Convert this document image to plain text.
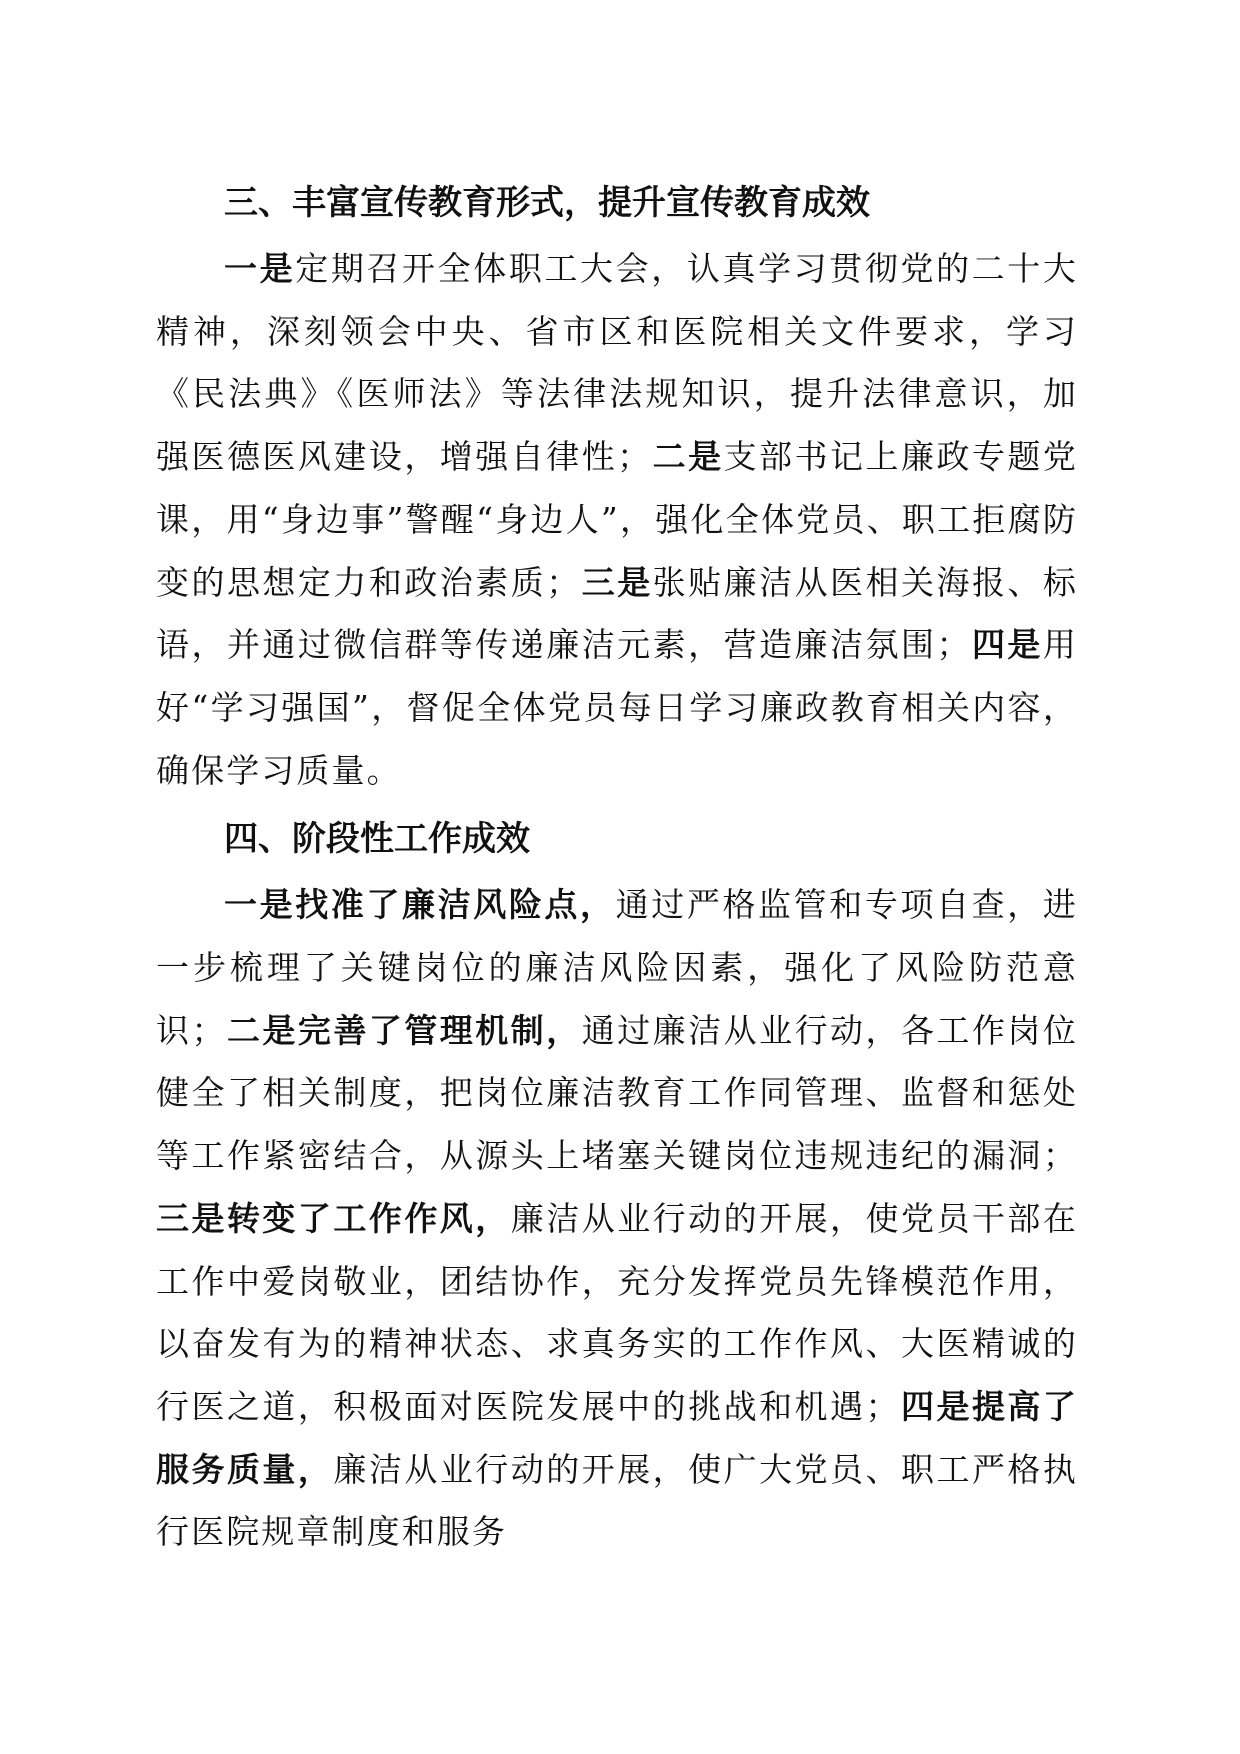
三、丰富宣传教育形式，提升宣传教育成效

一是定期召开全体职工大会，认真学习贯彻党的二十大精神，深刻领会中央、省市区和医院相关文件要求，学习《民法典》《医师法》等法律法规知识，提升法律意识，加强医德医风建设，增强自律性；二是支部书记上廉政专题党课，用“身边事”警醒“身边人”，强化全体党员、职工拒腐防变的思想定力和政治素质；三是张贴廉洁从医相关海报、标语，并通过微信群等传递廉洁元素，营造廉洁氛围；四是用好“学习强国”，督促全体党员每日学习廉政教育相关内容，确保学习质量。

四、阶段性工作成效

一是找准了廉洁风险点，通过严格监管和专项自查，进一步梳理了关键岗位的廉洁风险因素，强化了风险防范意识；二是完善了管理机制，通过廉洁从业行动，各工作岗位健全了相关制度，把岗位廉洁教育工作同管理、监督和惩处等工作紧密结合，从源头上堵塞关键岗位违规违纪的漏洞；三是转变了工作作风，廉洁从业行动的开展，使党员干部在工作中爱岗敬业，团结协作，充分发挥党员先锋模范作用，以奋发有为的精神状态、求真务实的工作作风、大医精诚的行医之道，积极面对医院发展中的挑战和机遇；四是提高了服务质量，廉洁从业行动的开展，使广大党员、职工严格执行医院规章制度和服务
